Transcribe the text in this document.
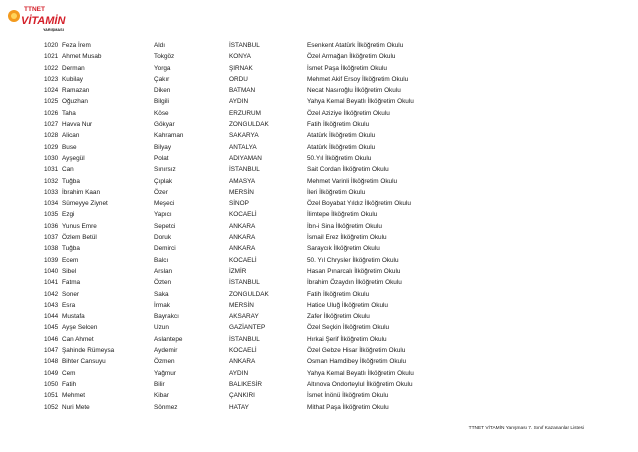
TTNET
VİTAMİN
YARIŞMASI
1020 Feza İrem	Aldı	İSTANBUL	Esenkent Atatürk İlköğretim Okulu
1021 Ahmet Musab	Tokgöz	KONYA	Özel Armağan İlköğretim Okulu
1022 Derman	Yorga	ŞIRNAK	İsmet Paşa İlköğretim Okulu
1023 Kubilay	Çakır	ORDU	Mehmet Akif Ersoy İlköğretim Okulu
1024 Ramazan	Diken	BATMAN	Necat Nasıroğlu İlköğretim Okulu
1025 Oğuzhan	Bilgili	AYDIN	Yahya Kemal Beyatlı İlköğretim Okulu
1026 Taha	Köse	ERZURUM	Özel Aziziye İlköğretim Okulu
1027 Havva Nur	Gökyar	ZONGULDAK	Fatih İlköğretim Okulu
1028 Alican	Kahraman	SAKARYA	Atatürk İlköğretim Okulu
1029 Buse	Bilyay	ANTALYA	Atatürk İlköğretim Okulu
1030 Ayşegül	Polat	ADIYAMAN	50.Yıl İlköğretim Okulu
1031 Can	Sınırsız	İSTANBUL	Sait Cordan İlköğretim Okulu
1032 Tuğba	Çıplak	AMASYA	Mehmet Varinli İlköğretim Okulu
1033 İbrahim Kaan	Özer	MERSİN	İleri İlköğretim Okulu
1034 Sümeyye Ziynet	Meşeci	SİNOP	Özel Boyabat Yıldız İlköğretim Okulu
1035 Ezgi	Yapıcı	KOCAELİ	İlimtepe İlköğretim Okulu
1036 Yunus Emre	Sepetci	ANKARA	İbn-i Sina İlköğretim Okulu
1037 Özlem Betül	Doruk	ANKARA	İsmail Erez İlköğretim Okulu
1038 Tuğba	Demirci	ANKARA	Saraycık İlköğretim Okulu
1039 Ecem	Balcı	KOCAELİ	50. Yıl Chrysler İlköğretim Okulu
1040 Sibel	Arslan	İZMİR	Hasan Pınarcalı İlköğretim Okulu
1041 Fatma	Özten	İSTANBUL	İbrahim Özaydın İlköğretim Okulu
1042 Soner	Saka	ZONGULDAK	Fatih İlköğretim Okulu
1043 Esra	İrmak	MERSİN	Hatice Uluğ İlköğretim Okulu
1044 Mustafa	Bayrakcı	AKSARAY	Zafer İlköğretim Okulu
1045 Ayşe Selcen	Uzun	GAZİANTEP	Özel Seçkin İlköğretim Okulu
1046 Can Ahmet	Aslantepe	İSTANBUL	Hırkai Şerif İlköğretim Okulu
1047 Şahinde Rümeysa	Aydemir	KOCAELİ	Özel Gebze Hisar İlköğretim Okulu
1048 Bihter Cansuyu	Özmen	ANKARA	Osman Hamdibey İlköğretim Okulu
1049 Cem	Yağmur	AYDIN	Yahya Kemal Beyatlı İlköğretim Okulu
1050 Fatih	Bilir	BALIKESİR	Altınova Ondorteylul İlköğretim Okulu
1051 Mehmet	Kibar	ÇANKIRI	İsmet İnönü İlköğretim Okulu
1052 Nuri Mete	Sönmez	HATAY	Mithat Paşa İlköğretim Okulu
TTNET VİTAMİN Yarışması 7. Sınıf Kazananlar Listesi
